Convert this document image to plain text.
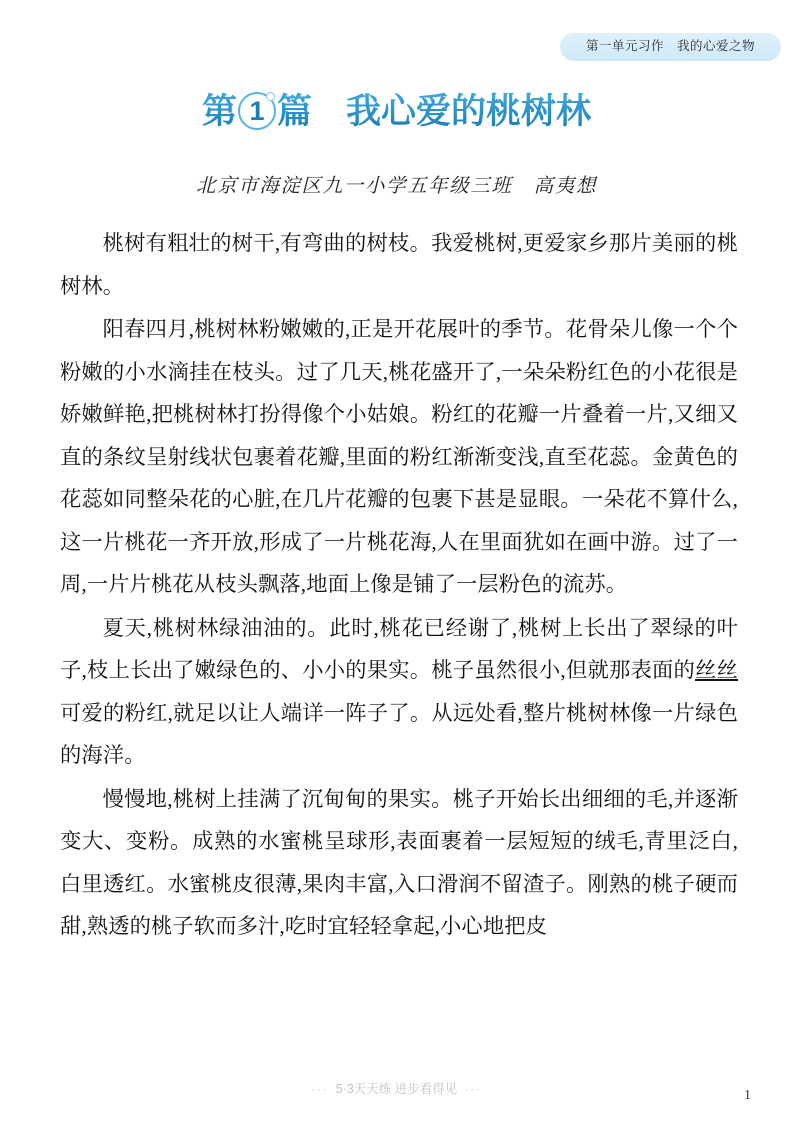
第一单元习作　我的心爱之物
第 1 篇 我心爱的桃树林
北京市海淀区九一小学五年级三班　高夷想

桃树有粗壮的树干,有弯曲的树枝。我爱桃树,更爱家乡那片美丽的桃树林。

阳春四月,桃树林粉嫩嫩的,正是开花展叶的季节。花骨朵儿像一个个粉嫩的小水滴挂在枝头。过了几天,桃花盛开了,一朵朵粉红色的小花很是娇嫩鲜艳,把桃树林打扮得像个小姑娘。粉红的花瓣一片叠着一片,又细又直的条纹呈射线状包裹着花瓣,里面的粉红渐渐变浅,直至花蕊。金黄色的花蕊如同整朵花的心脏,在几片花瓣的包裹下甚是显眼。一朵花不算什么,这一片桃花一齐开放,形成了一片桃花海,人在里面犹如在画中游。过了一周,一片片桃花从枝头飘落,地面上像是铺了一层粉色的流苏。

夏天,桃树林绿油油的。此时,桃花已经谢了,桃树上长出了翠绿的叶子,枝上长出了嫩绿色的、小小的果实。桃子虽然很小,但就那表面的丝丝可爱的粉红,就足以让人端详一阵子了。从远处看,整片桃树林像一片绿色的海洋。

慢慢地,桃树上挂满了沉甸甸的果实。桃子开始长出细细的毛,并逐渐变大、变粉。成熟的水蜜桃呈球形,表面裹着一层短短的绒毛,青里泛白,白里透红。水蜜桃皮很薄,果肉丰富,入口滑润不留渣子。刚熟的桃子硬而甜,熟透的桃子软而多汁,吃时宜轻轻拿起,小心地把皮

··· 5·3天天练 进步看得见 ···	1
